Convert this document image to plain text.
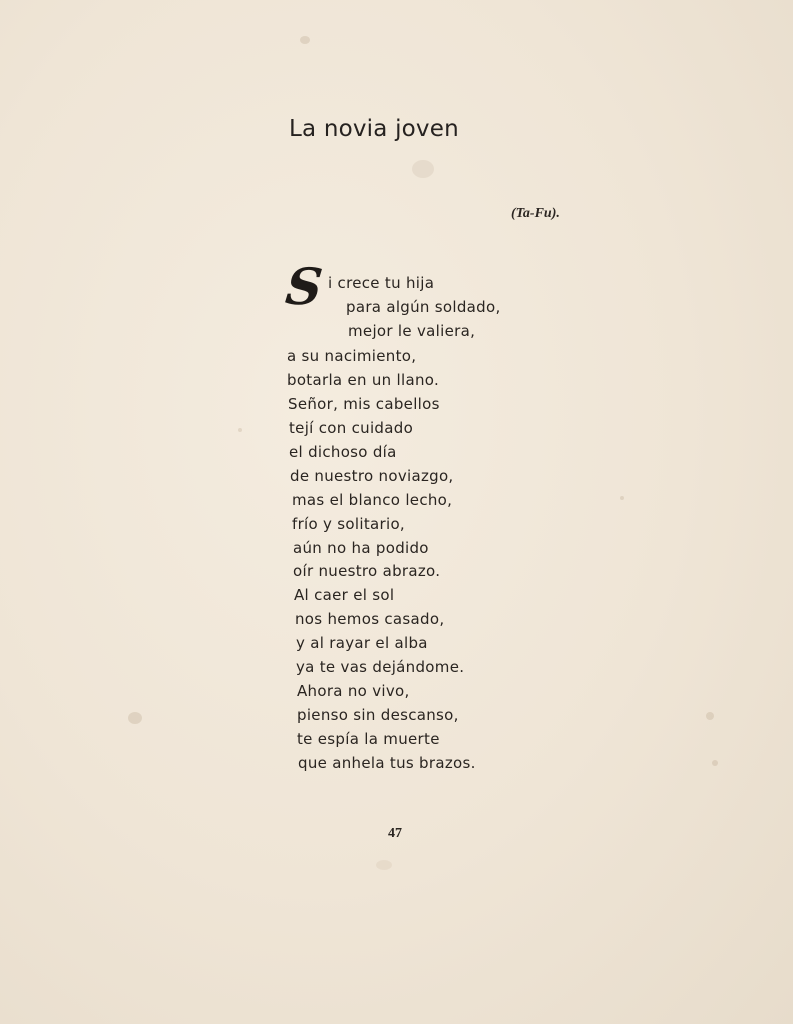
La novia joven
(Ta-Fu).
S i crece tu hija
para algún soldado,
mejor le valiera,
a su nacimiento,
botarla en un llano.
Señor, mis cabellos
tejí con cuidado
el dichoso día
de nuestro noviazgo,
mas el blanco lecho,
frío y solitario,
aún no ha podido
oír nuestro abrazo.
Al caer el sol
nos hemos casado,
y al rayar el alba
ya te vas dejándome.
Ahora no vivo,
pienso sin descanso,
te espía la muerte
que anhela tus brazos.
47
